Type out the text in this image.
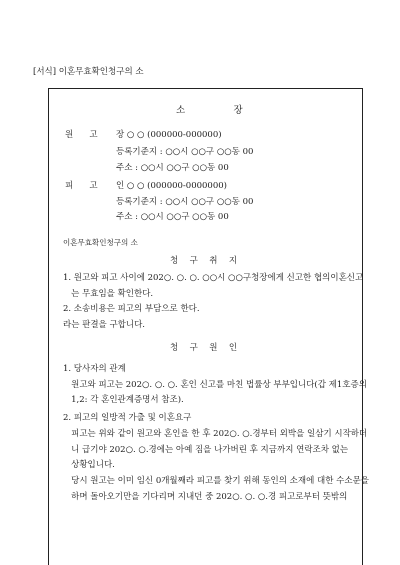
[서식] 이혼무효확인청구의 소
소                장
원      고 장 ○ ○ (000000-000000)
등록기준지 : ○○시 ○○구 ○○동 00
주소 : ○○시 ○○구 ○○동 00
피      고 인 ○ ○ (000000-0000000)
등록기준지 : ○○시 ○○구 ○○동 00
주소 : ○○시 ○○구 ○○동 00
이혼무효확인청구의 소
청  구  취  지
1. 원고와 피고 사이에 202○. ○. ○. ○○시 ○○구청장에게 신고한 협의이혼신고
는 무효임을 확인한다.
2. 소송비용은 피고의 부담으로 한다.
라는 판결을 구합니다.
청  구  원  인
1. 당사자의 관계
원고와 피고는 202○. ○. ○. 혼인 신고를 마친 법률상 부부입니다(갑 제1호증의
1,2: 각 혼인관계증명서 참조).
2. 피고의 일방적 가출 및 이혼요구
피고는 위와 같이 원고와 혼인을 한 후 202○. ○.경부터 외박을 일삼기 시작하더
니 급기야 202○. ○.경에는 아예 짐을 나가버린 후 지금까지 연락조차 없는
상황입니다.
당시 원고는 이미 임신 0개월째라 피고를 찾기 위해 동인의 소재에 대한 수소문을
하며 돌아오기만을 기다리며 지내던 중 202○. ○. ○.경 피고로부터 뜻밖의
